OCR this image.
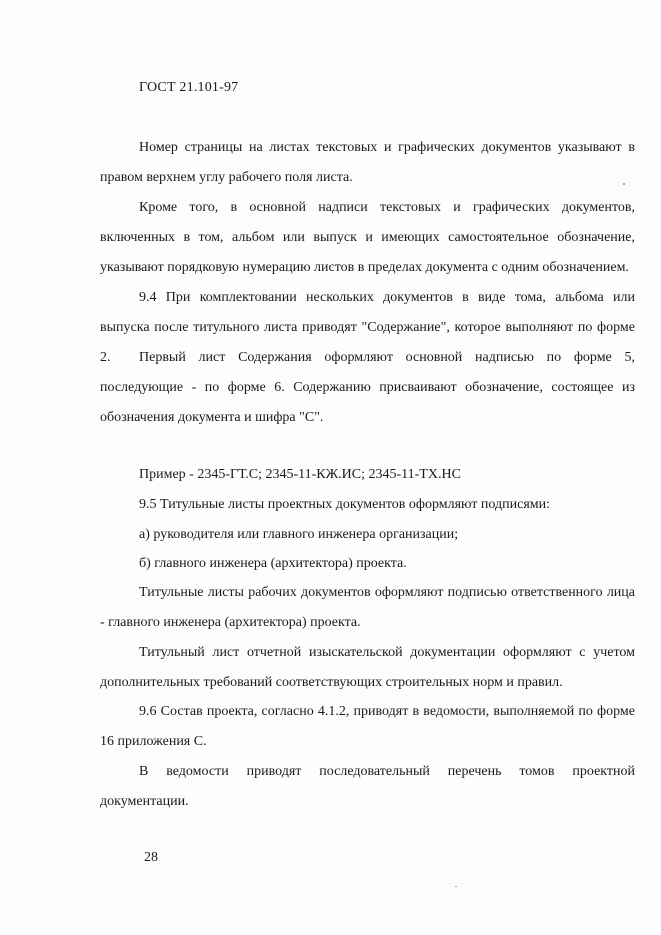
ГОСТ 21.101-97
Номер страницы на листах текстовых и графических документов указывают в правом верхнем углу рабочего поля листа.
Кроме того, в основной надписи текстовых и графических документов, включенных в том, альбом или выпуск и имеющих самостоятельное обозначение, указывают порядковую нумерацию листов в пределах документа с одним обозначением.
9.4 При комплектовании нескольких документов в виде тома, альбома или выпуска после титульного листа приводят "Содержание", которое выполняют по форме 2.	Первый лист Содержания оформляют основной надписью по форме 5, последующие - по форме 6. Содержанию присваивают обозначение, состоящее из обозначения документа и шифра "С".
Пример - 2345-ГТ.С; 2345-11-КЖ.ИС; 2345-11-ТХ.НС
9.5 Титульные листы проектных документов оформляют подписями:
а) руководителя или главного инженера организации;
б) главного инженера (архитектора) проекта.
Титульные листы рабочих документов оформляют подписью ответственного лица - главного инженера (архитектора) проекта.
Титульный лист отчетной изыскательской документации оформляют с учетом дополнительных требований соответствующих строительных норм и правил.
9.6 Состав проекта, согласно 4.1.2, приводят в ведомости, выполняемой по форме 16 приложения С.
В ведомости приводят последовательный перечень томов проектной документации.
28
